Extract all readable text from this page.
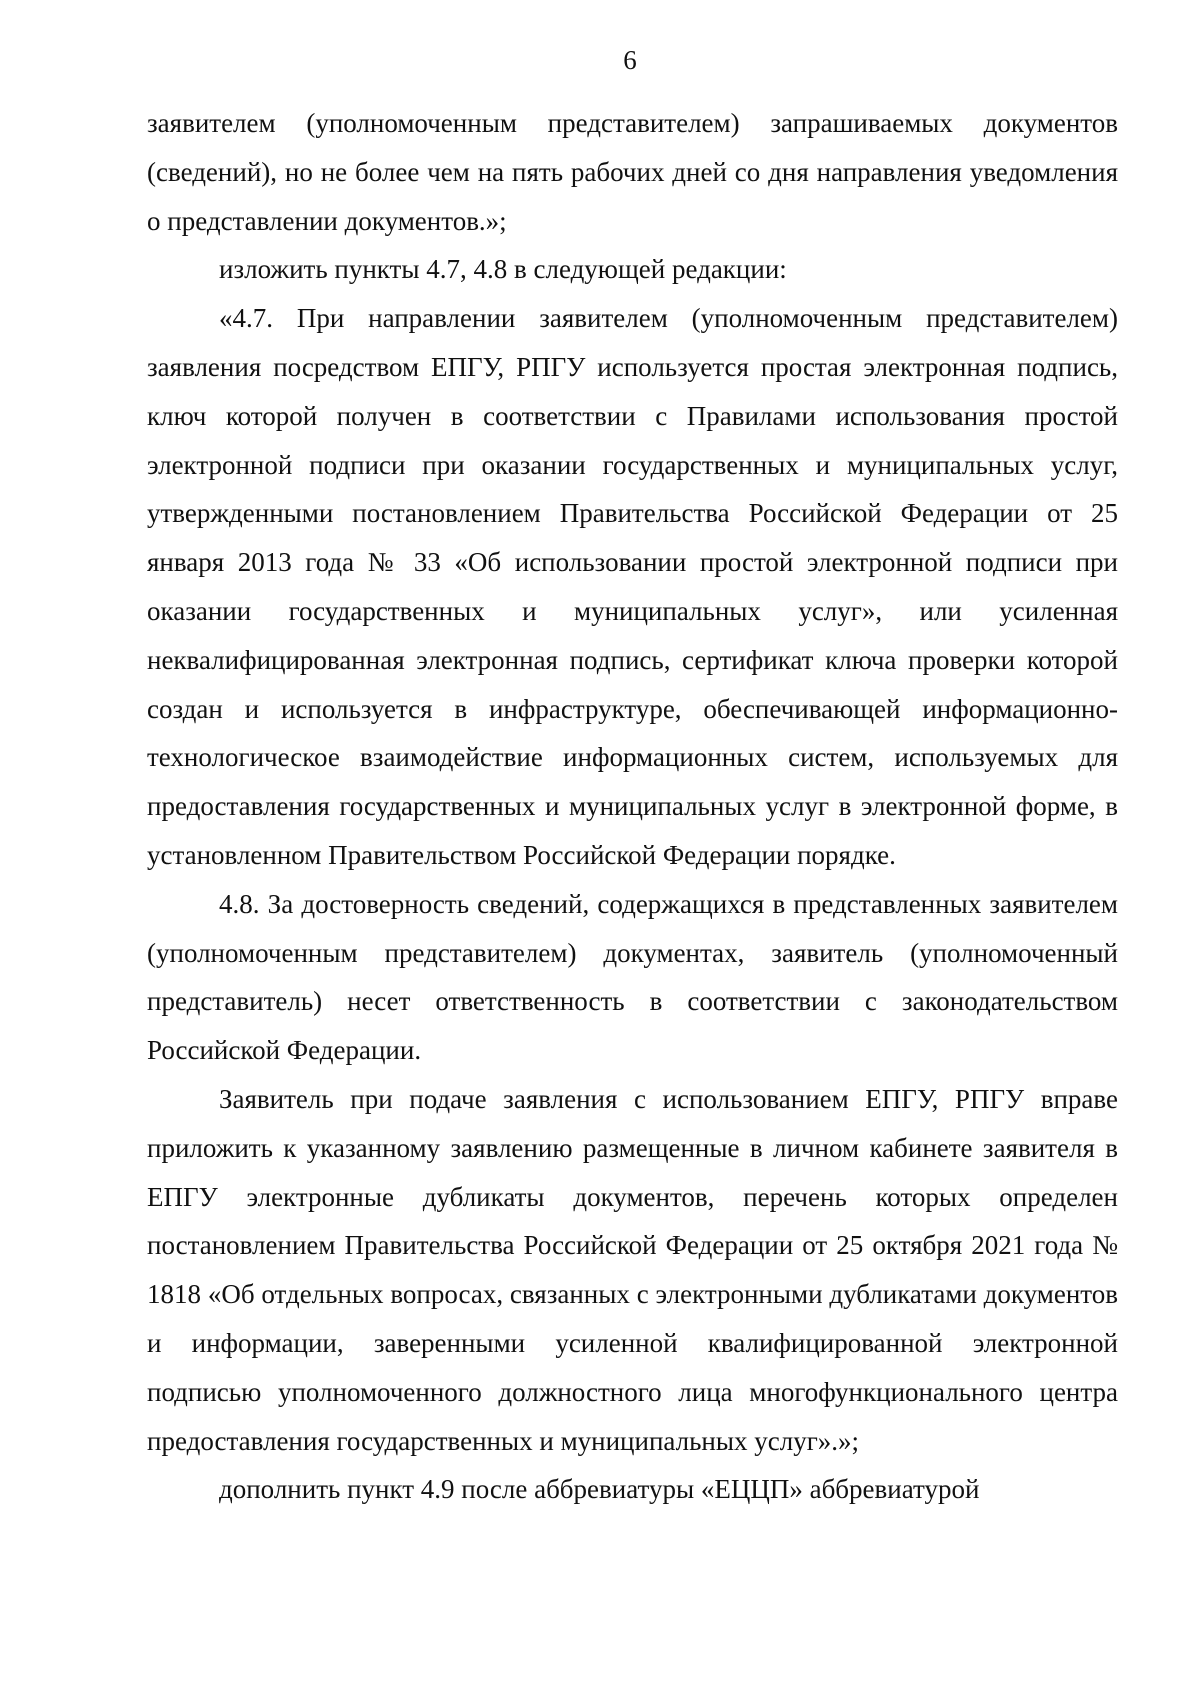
6

заявителем (уполномоченным представителем) запрашиваемых документов (сведений), но не более чем на пять рабочих дней со дня направления уведомления о представлении документов.»;

изложить пункты 4.7, 4.8 в следующей редакции:

«4.7. При направлении заявителем (уполномоченным представителем) заявления посредством ЕПГУ, РПГУ используется простая электронная подпись, ключ которой получен в соответствии с Правилами использования простой электронной подписи при оказании государственных и муниципальных услуг, утвержденными постановлением Правительства Российской Федерации от 25 января 2013 года № 33 «Об использовании простой электронной подписи при оказании государственных и муниципальных услуг», или усиленная неквалифицированная электронная подпись, сертификат ключа проверки которой создан и используется в инфраструктуре, обеспечивающей информационно-технологическое взаимодействие информационных систем, используемых для предоставления государственных и муниципальных услуг в электронной форме, в установленном Правительством Российской Федерации порядке.

4.8. За достоверность сведений, содержащихся в представленных заявителем (уполномоченным представителем) документах, заявитель (уполномоченный представитель) несет ответственность в соответствии с законодательством Российской Федерации.

Заявитель при подаче заявления с использованием ЕПГУ, РПГУ вправе приложить к указанному заявлению размещенные в личном кабинете заявителя в ЕПГУ электронные дубликаты документов, перечень которых определен постановлением Правительства Российской Федерации от 25 октября 2021 года № 1818 «Об отдельных вопросах, связанных с электронными дубликатами документов и информации, заверенными усиленной квалифицированной электронной подписью уполномоченного должностного лица многофункционального центра предоставления государственных и муниципальных услуг».»;

дополнить пункт 4.9 после аббревиатуры «ЕЦЦП» аббревиатурой
